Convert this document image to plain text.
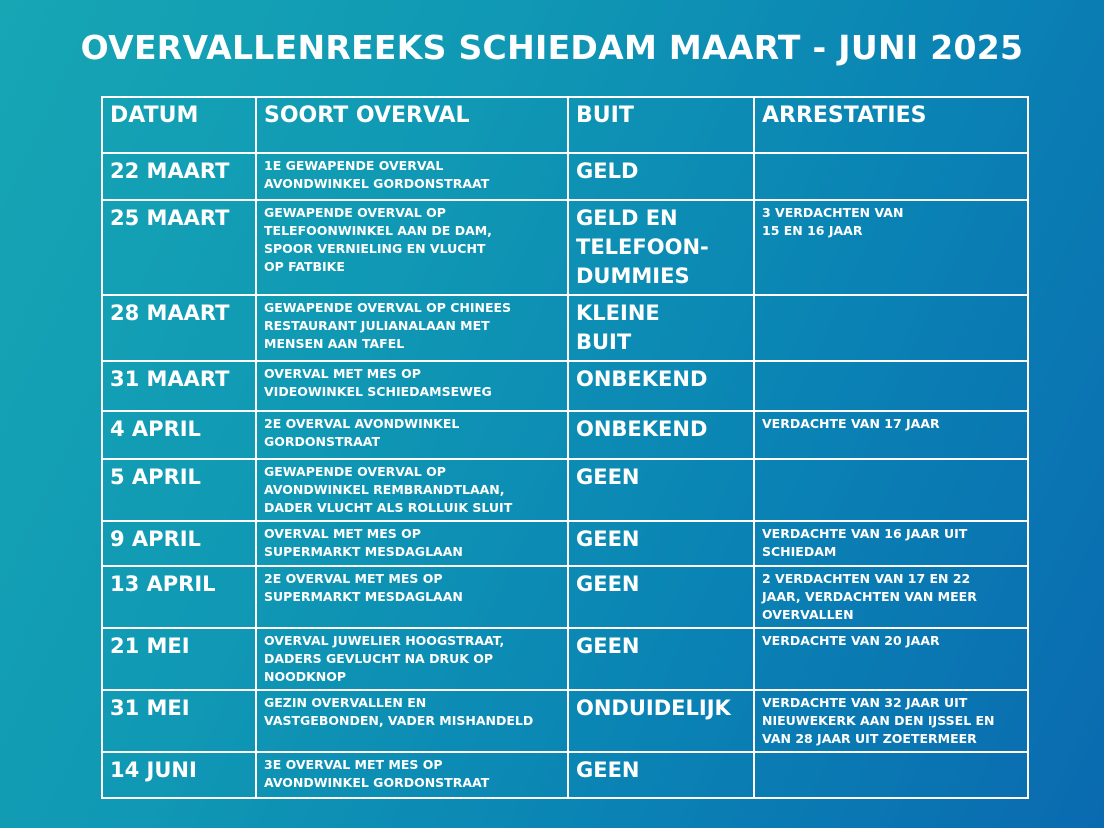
OVERVALLENREEKS SCHIEDAM MAART - JUNI 2025
DATUM	SOORT OVERVAL	BUIT	ARRESTATIES

22 MAART	1E GEWAPENDE OVERVAL
AVONDWINKEL GORDONSTRAAT	GELD	

25 MAART	GEWAPENDE OVERVAL OP
TELEFOONWINKEL AAN DE DAM,
SPOOR VERNIELING EN VLUCHT
OP FATBIKE	GELD EN
TELEFOON-
DUMMIES	3 VERDACHTEN VAN
15 EN 16 JAAR

28 MAART	GEWAPENDE OVERVAL OP CHINEES
RESTAURANT JULIANALAAN MET
MENSEN AAN TAFEL	KLEINE
BUIT	

31 MAART	OVERVAL MET MES OP
VIDEOWINKEL SCHIEDAMSEWEG	ONBEKEND	

4 APRIL	2E OVERVAL AVONDWINKEL
GORDONSTRAAT	ONBEKEND	VERDACHTE VAN 17 JAAR

5 APRIL	GEWAPENDE OVERVAL OP
AVONDWINKEL REMBRANDTLAAN,
DADER VLUCHT ALS ROLLUIK SLUIT	GEEN	

9 APRIL	OVERVAL MET MES OP
SUPERMARKT MESDAGLAAN	GEEN	VERDACHTE VAN 16 JAAR UIT
SCHIEDAM

13 APRIL	2E OVERVAL MET MES OP
SUPERMARKT MESDAGLAAN	GEEN	2 VERDACHTEN VAN 17 EN 22
JAAR, VERDACHTEN VAN MEER
OVERVALLEN

21 MEI	OVERVAL JUWELIER HOOGSTRAAT,
DADERS GEVLUCHT NA DRUK OP
NOODKNOP	GEEN	VERDACHTE VAN 20 JAAR

31 MEI	GEZIN OVERVALLEN EN
VASTGEBONDEN, VADER MISHANDELD	ONDUIDELIJK	VERDACHTE VAN 32 JAAR UIT
NIEUWEKERK AAN DEN IJSSEL EN
VAN 28 JAAR UIT ZOETERMEER

14 JUNI	3E OVERVAL MET MES OP
AVONDWINKEL GORDONSTRAAT	GEEN	
